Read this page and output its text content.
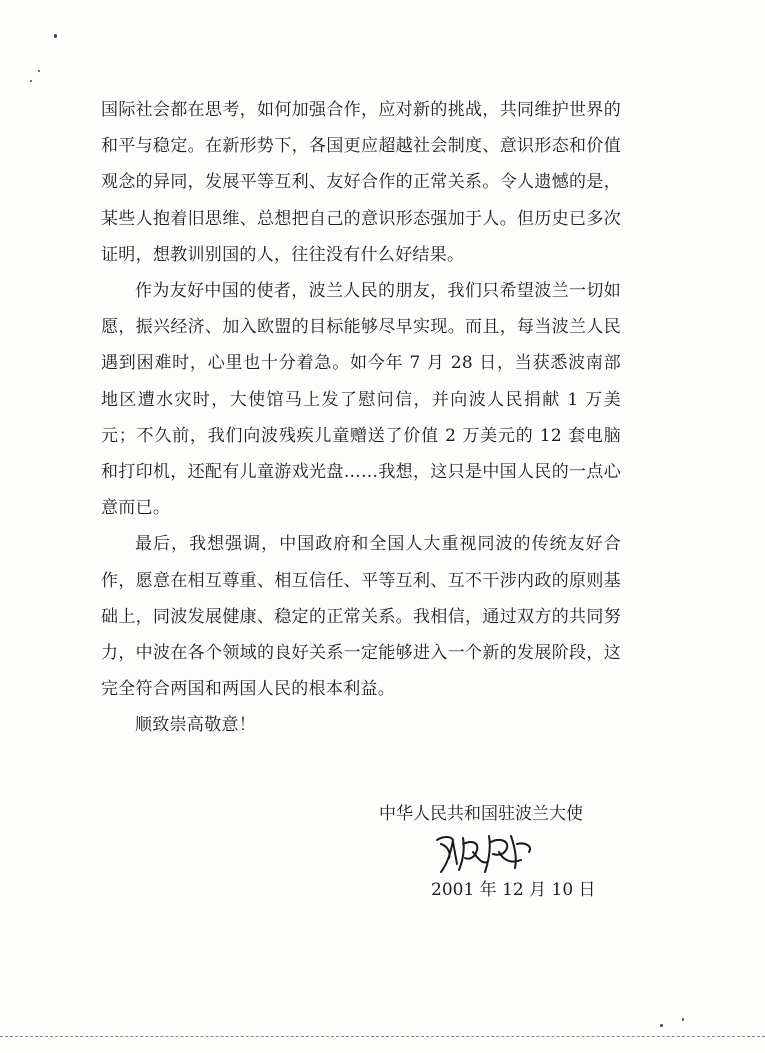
国际社会都在思考，如何加强合作，应对新的挑战，共同维护世界的和平与稳定。在新形势下，各国更应超越社会制度、意识形态和价值观念的异同，发展平等互利、友好合作的正常关系。令人遗憾的是，某些人抱着旧思维、总想把自己的意识形态强加于人。但历史已多次证明，想教训别国的人，往往没有什么好结果。

作为友好中国的使者，波兰人民的朋友，我们只希望波兰一切如愿，振兴经济、加入欧盟的目标能够尽早实现。而且，每当波兰人民遇到困难时，心里也十分着急。如今年 7 月 28 日，当获悉波南部地区遭水灾时，大使馆马上发了慰问信，并向波人民捐献 1 万美元；不久前，我们向波残疾儿童赠送了价值 2 万美元的 12 套电脑和打印机，还配有儿童游戏光盘……我想，这只是中国人民的一点心意而已。

最后，我想强调，中国政府和全国人大重视同波的传统友好合作，愿意在相互尊重、相互信任、平等互利、互不干涉内政的原则基础上，同波发展健康、稳定的正常关系。我相信，通过双方的共同努力，中波在各个领域的良好关系一定能够进入一个新的发展阶段，这完全符合两国和两国人民的根本利益。

顺致崇高敬意！

中华人民共和国驻波兰大使
2001 年 12 月 10 日
